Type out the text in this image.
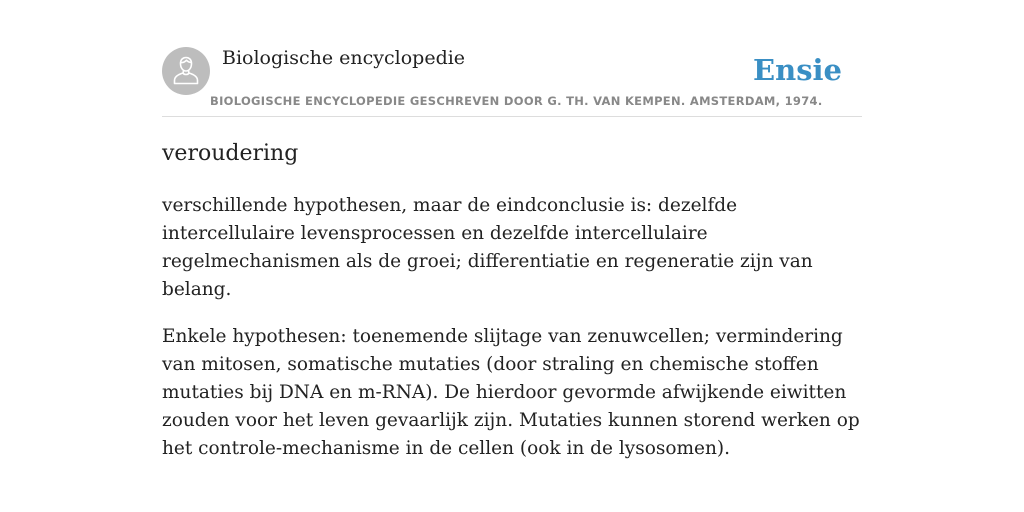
Biologische encyclopedie	Ensie
BIOLOGISCHE ENCYCLOPEDIE GESCHREVEN DOOR G. TH. VAN KEMPEN. AMSTERDAM, 1974.
veroudering

verschillende hypothesen, maar de eindconclusie is: dezelfde intercellulaire levensprocessen en dezelfde intercellulaire regelmechanismen als de groei; differentiatie en regeneratie zijn van belang.

Enkele hypothesen: toenemende slijtage van zenuwcellen; vermindering van mitosen, somatische mutaties (door straling en chemische stoffen mutaties bij DNA en m-RNA). De hierdoor gevormde afwijkende eiwitten zouden voor het leven gevaarlijk zijn. Mutaties kunnen storend werken op het controle-mechanisme in de cellen (ook in de lysosomen).
